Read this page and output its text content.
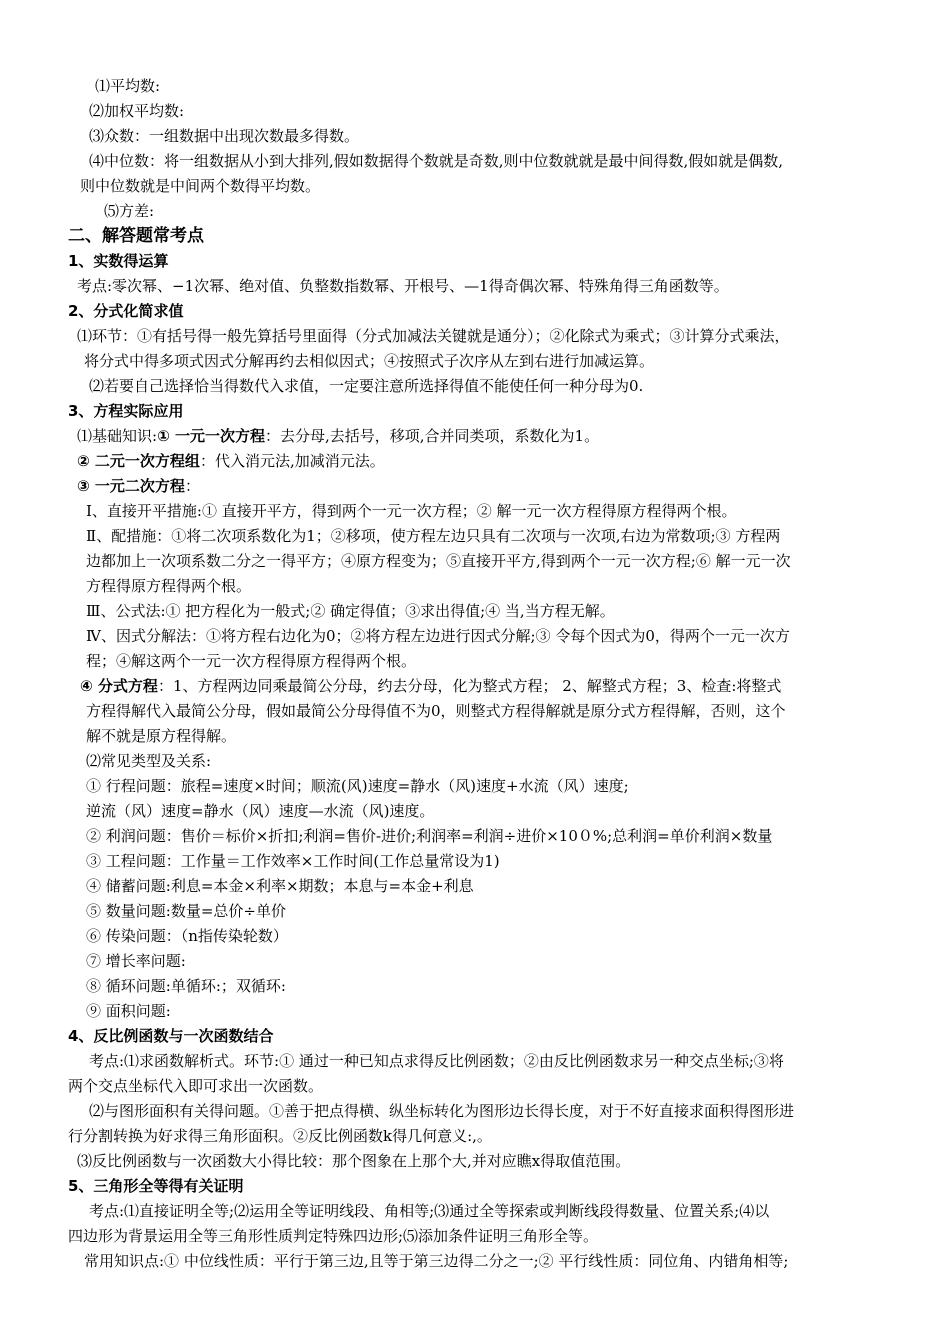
⑴平均数:
⑵加权平均数:
⑶众数：一组数据中出现次数最多得数。
⑷中位数：将一组数据从小到大排列,假如数据得个数就是奇数,则中位数就就是最中间得数,假如就是偶数,
则中位数就是中间两个数得平均数。
⑸方差:
二、解答题常考点
1、实数得运算
考点:零次幂、−1次幂、绝对值、负整数指数幂、开根号、—1得奇偶次幂、特殊角得三角函数等。
2、分式化简求值
⑴环节：①有括号得一般先算括号里面得（分式加减法关键就是通分）；②化除式为乘式；③计算分式乘法，
将分式中得多项式因式分解再约去相似因式；④按照式子次序从左到右进行加减运算。
⑵若要自己选择恰当得数代入求值，一定要注意所选择得值不能使任何一种分母为0.
3、方程实际应用
⑴基础知识:① 一元一次方程：去分母,去括号，移项,合并同类项，系数化为1。
② 二元一次方程组：代入消元法,加减消元法。
③ 一元二次方程：
Ⅰ、直接开平措施:① 直接开平方，得到两个一元一次方程；② 解一元一次方程得原方程得两个根。
Ⅱ、配措施：①将二次项系数化为1；②移项，使方程左边只具有二次项与一次项,右边为常数项;③ 方程两
边都加上一次项系数二分之一得平方；④原方程变为；⑤直接开平方,得到两个一元一次方程;⑥ 解一元一次
方程得原方程得两个根。
Ⅲ、公式法:① 把方程化为一般式;② 确定得值；③求出得值;④ 当,当方程无解。
Ⅳ、因式分解法：①将方程右边化为0；②将方程左边进行因式分解;③ 令每个因式为0，得两个一元一次方
程；④解这两个一元一次方程得原方程得两个根。
④ 分式方程：1、方程两边同乘最简公分母，约去分母，化为整式方程； 2、解整式方程；3、检查:将整式
方程得解代入最简公分母，假如最简公分母得值不为0，则整式方程得解就是原分式方程得解，否则，这个
解不就是原方程得解。
⑵常见类型及关系:
① 行程问题：旅程=速度×时间；顺流(风)速度=静水（风)速度+水流（风）速度;
逆流（风）速度=静水（风）速度—水流（风)速度。
② 利润问题：售价＝标价×折扣;利润=售价-进价;利润率=利润÷进价×10０%;总利润=单价利润×数量
③ 工程问题：工作量＝工作效率×工作时间(工作总量常设为1)
④ 储蓄问题:利息=本金×利率×期数；本息与=本金+利息
⑤ 数量问题:数量=总价÷单价
⑥ 传染问题：（n指传染轮数）
⑦ 增长率问题:
⑧ 循环问题:单循环:；双循环:
⑨ 面积问题:
4、反比例函数与一次函数结合
考点:⑴求函数解析式。环节:① 通过一种已知点求得反比例函数；②由反比例函数求另一种交点坐标;③将
两个交点坐标代入即可求出一次函数。
⑵与图形面积有关得问题。①善于把点得横、纵坐标转化为图形边长得长度，对于不好直接求面积得图形进
行分割转换为好求得三角形面积。②反比例函数k得几何意义:,。
⑶反比例函数与一次函数大小得比较：那个图象在上那个大,并对应瞧x得取值范围。
5、三角形全等得有关证明
考点:⑴直接证明全等;⑵运用全等证明线段、角相等;⑶通过全等探索或判断线段得数量、位置关系;⑷以
四边形为背景运用全等三角形性质判定特殊四边形;⑸添加条件证明三角形全等。
常用知识点:① 中位线性质：平行于第三边,且等于第三边得二分之一;② 平行线性质：同位角、内错角相等;
